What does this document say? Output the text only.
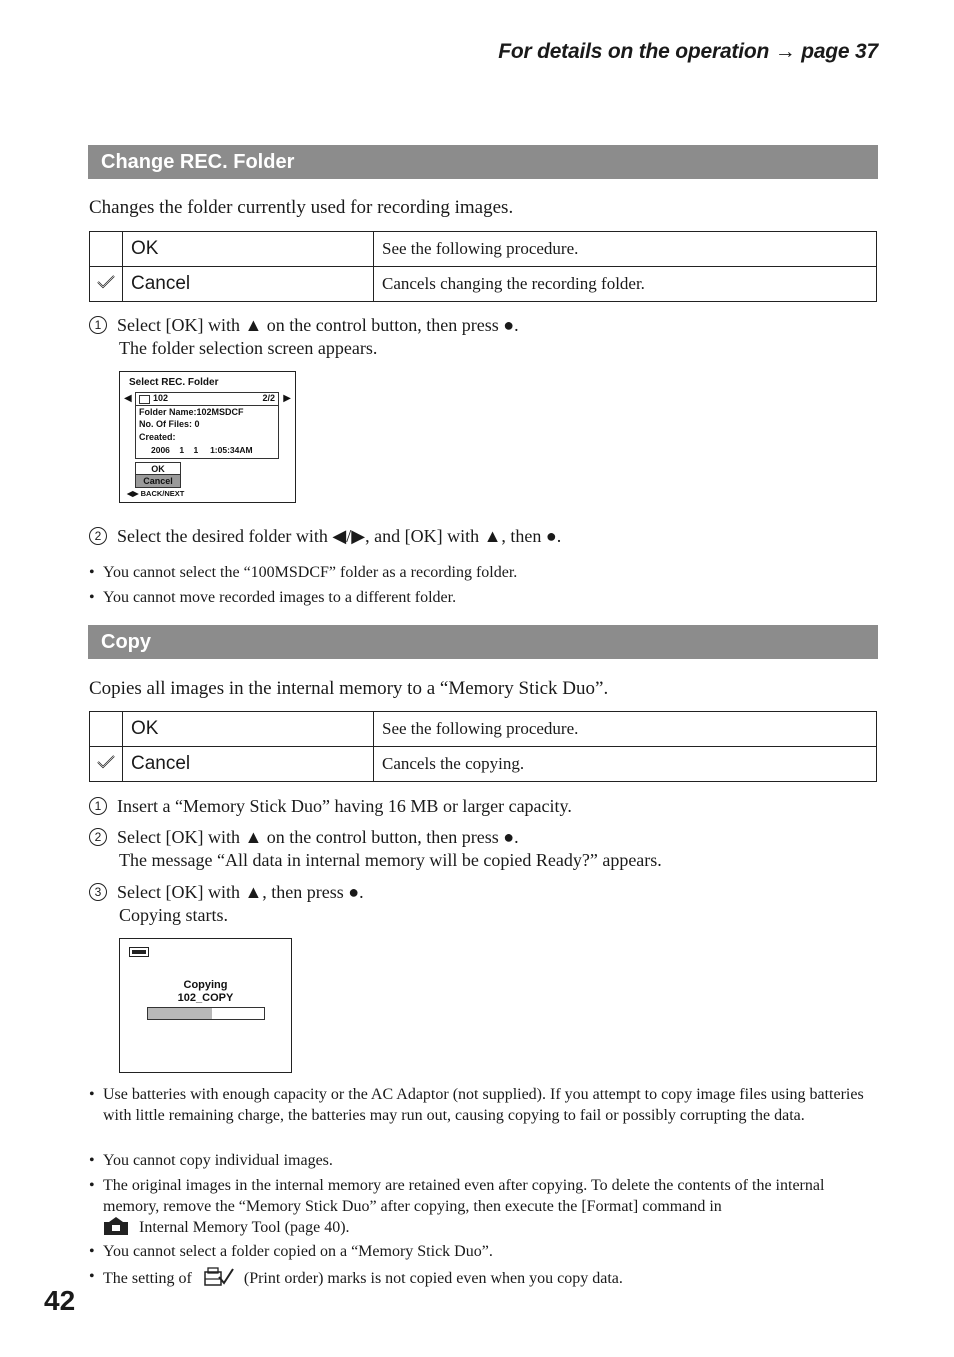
For details on the operation → page 37
Change REC. Folder
Changes the folder currently used for recording images.
	OK	See the following procedure.
	Cancel	Cancels changing the recording folder.
1 Select [OK] with ▲ on the control button, then press ●.
The folder selection screen appears.
Select REC. Folder
◀	▶
102	2/2
Folder Name:102MSDCF
No. Of Files: 0
Created:
2006    1    1     1:05:34AM
OK
Cancel
◀▶ BACK/NEXT
2 Select the desired folder with ◀/▶, and [OK] with ▲, then ●.
• You cannot select the “100MSDCF” folder as a recording folder.
• You cannot move recorded images to a different folder.
Copy
Copies all images in the internal memory to a “Memory Stick Duo”.
	OK	See the following procedure.
	Cancel	Cancels the copying.
1 Insert a “Memory Stick Duo” having 16 MB or larger capacity.
2 Select [OK] with ▲ on the control button, then press ●.
The message “All data in internal memory will be copied Ready?” appears.
3 Select [OK] with ▲, then press ●.
Copying starts.
Copying
102_COPY
• Use batteries with enough capacity or the AC Adaptor (not supplied). If you attempt to copy image files using batteries with little remaining charge, the batteries may run out, causing copying to fail or possibly corrupting the data.
• You cannot copy individual images.
• The original images in the internal memory are retained even after copying. To delete the contents of the internal memory, remove the “Memory Stick Duo” after copying, then execute the [Format] command in
Internal Memory Tool (page 40).
• You cannot select a folder copied on a “Memory Stick Duo”.
• The setting of	(Print order) marks is not copied even when you copy data.
42
